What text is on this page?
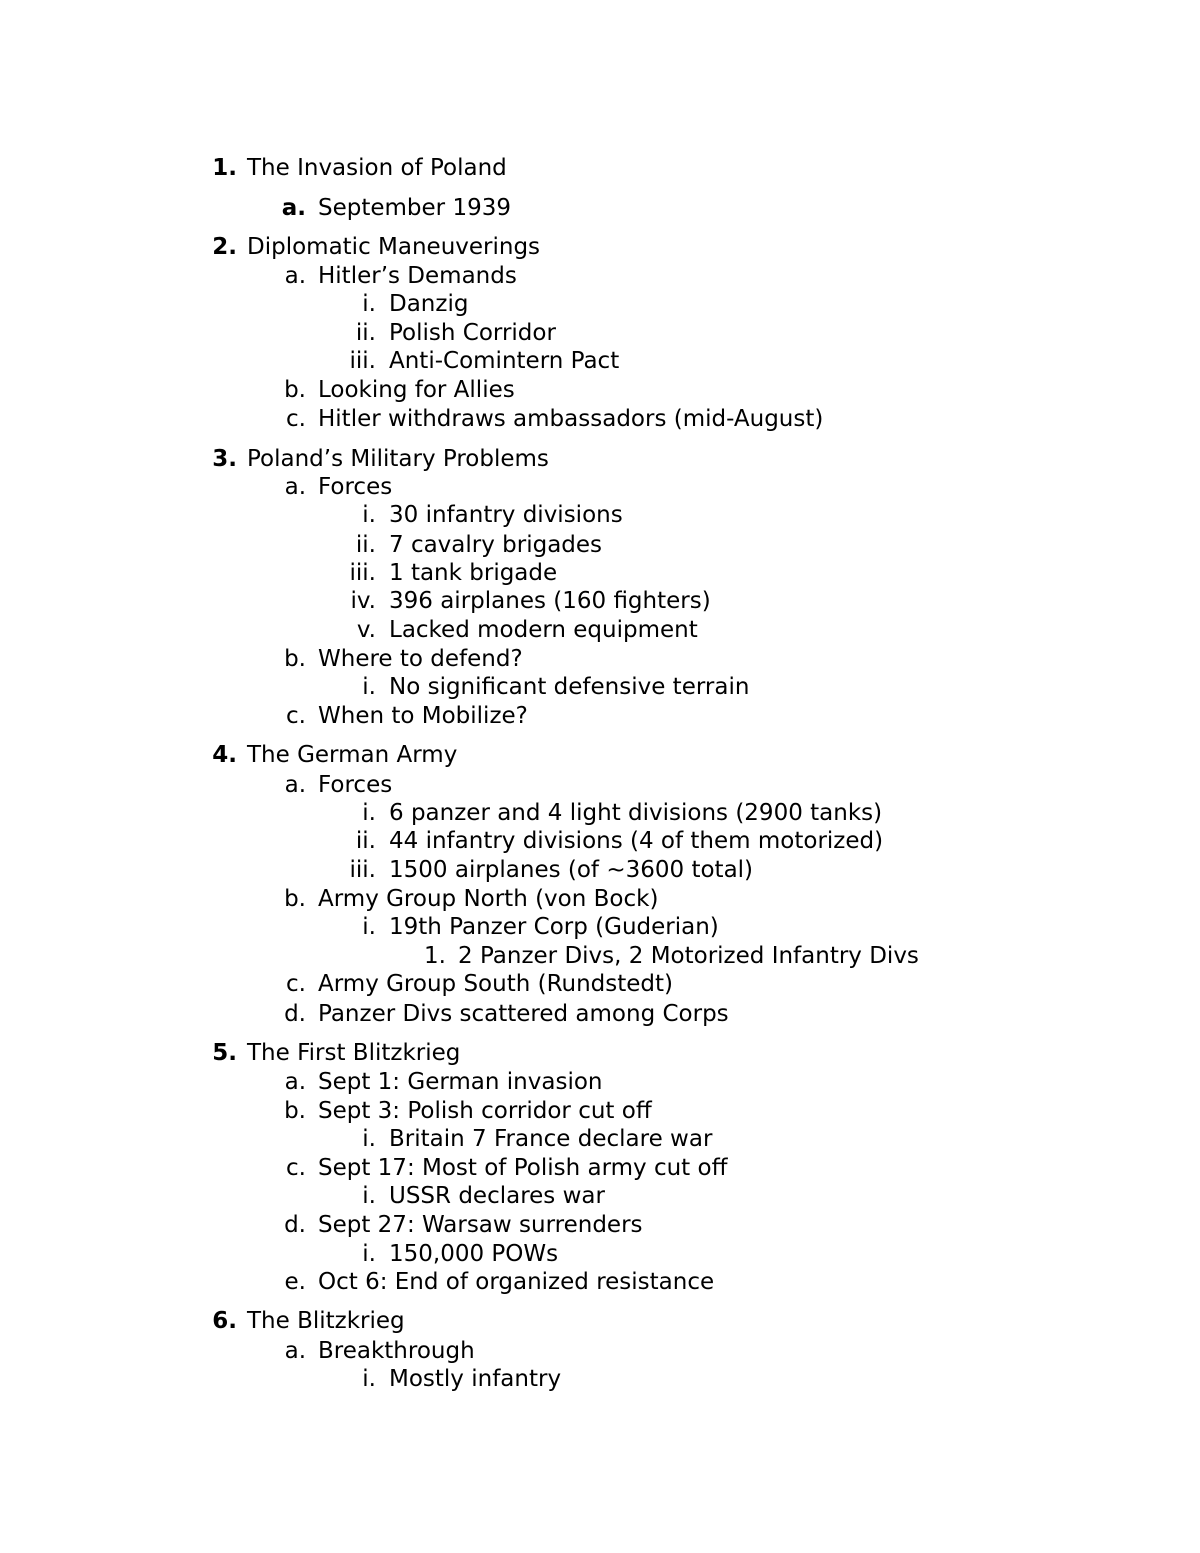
1. The Invasion of Poland
a. September 1939
2. Diplomatic Maneuverings
a. Hitler’s Demands
i. Danzig
ii. Polish Corridor
iii. Anti-Comintern Pact
b. Looking for Allies
c. Hitler withdraws ambassadors (mid-August)
3. Poland’s Military Problems
a. Forces
i. 30 infantry divisions
ii. 7 cavalry brigades
iii. 1 tank brigade
iv. 396 airplanes (160 fighters)
v. Lacked modern equipment
b. Where to defend?
i. No significant defensive terrain
c. When to Mobilize?
4. The German Army
a. Forces
i. 6 panzer and 4 light divisions (2900 tanks)
ii. 44 infantry divisions (4 of them motorized)
iii. 1500 airplanes (of ~3600 total)
b. Army Group North (von Bock)
i. 19th Panzer Corp (Guderian)
1. 2 Panzer Divs, 2 Motorized Infantry Divs
c. Army Group South (Rundstedt)
d. Panzer Divs scattered among Corps
5. The First Blitzkrieg
a. Sept 1: German invasion
b. Sept 3: Polish corridor cut off
i. Britain 7 France declare war
c. Sept 17: Most of Polish army cut off
i. USSR declares war
d. Sept 27: Warsaw surrenders
i. 150,000 POWs
e. Oct 6: End of organized resistance
6. The Blitzkrieg
a. Breakthrough
i. Mostly infantry
